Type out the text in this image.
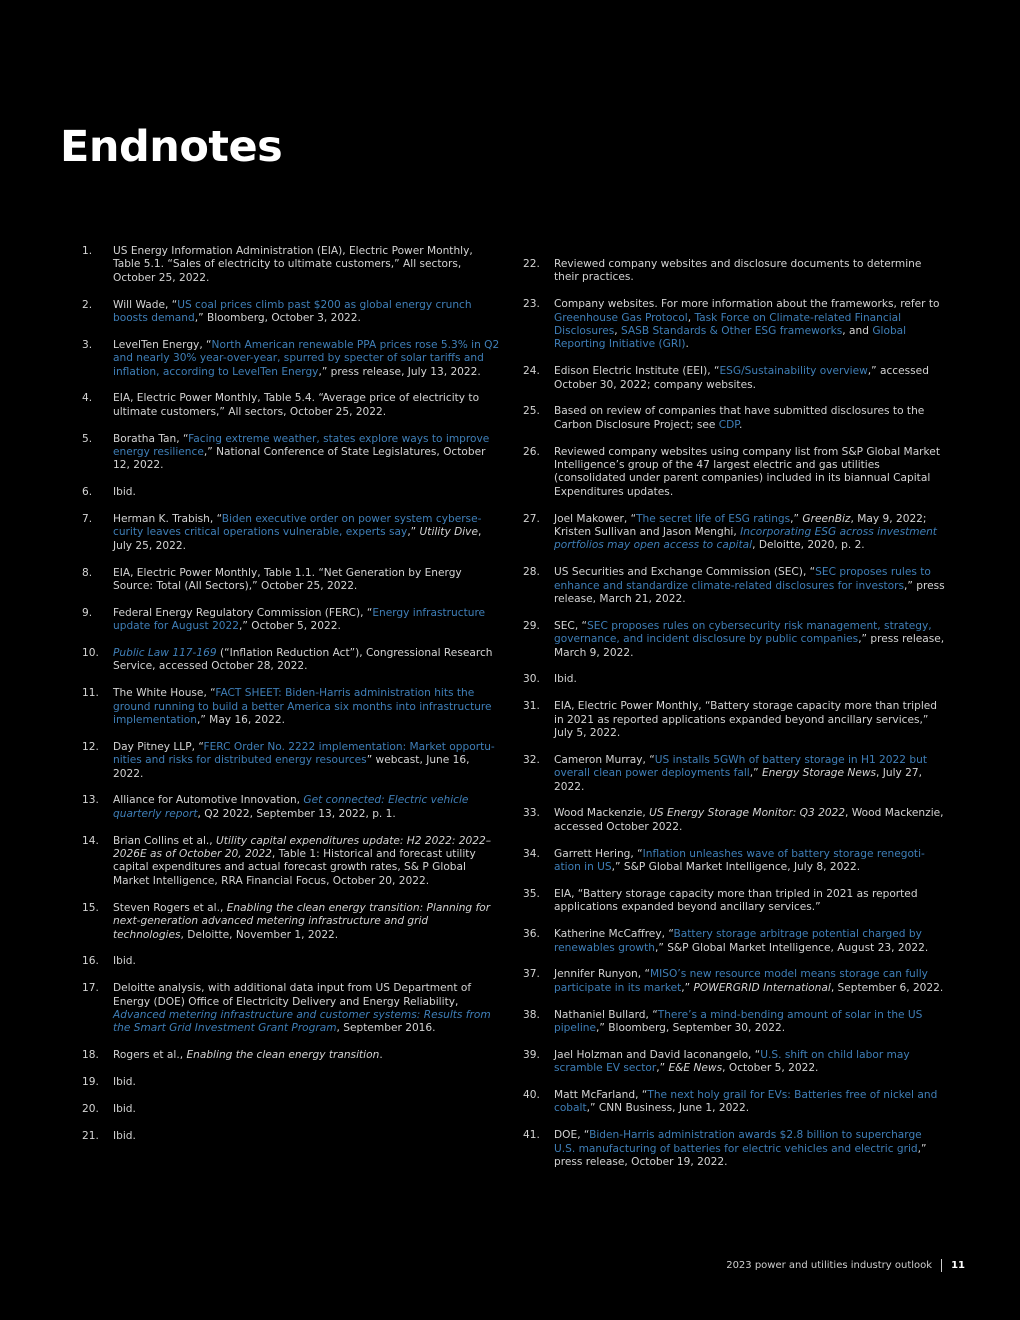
Endnotes
1.	US Energy Information Administration (EIA), Electric Power Monthly, Table 5.1. “Sales of electricity to ultimate customers,” All sectors, October 25, 2022.
2.	Will Wade, “US coal prices climb past $200 as global energy crunch boosts demand,” Bloomberg, October 3, 2022.
3.	LevelTen Energy, “North American renewable PPA prices rose 5.3% in Q2 and nearly 30% year-over-year, spurred by specter of solar tariffs and inflation, according to LevelTen Energy,” press release, July 13, 2022.
4.	EIA, Electric Power Monthly, Table 5.4. “Average price of electricity to ultimate customers,” All sectors, October 25, 2022.
5.	Boratha Tan, “Facing extreme weather, states explore ways to improve energy resilience,” National Conference of State Legislatures, October 12, 2022.
6.	Ibid.
7.	Herman K. Trabish, “Biden executive order on power system cyberse-curity leaves critical operations vulnerable, experts say,” Utility Dive, July 25, 2022.
8.	EIA, Electric Power Monthly, Table 1.1. “Net Generation by Energy Source: Total (All Sectors),” October 25, 2022.
9.	Federal Energy Regulatory Commission (FERC), “Energy infrastructure update for August 2022,” October 5, 2022.
10.	Public Law 117-169 (“Inflation Reduction Act”), Congressional Research Service, accessed October 28, 2022.
11.	The White House, “FACT SHEET: Biden-Harris administration hits the ground running to build a better America six months into infrastructure implementation,” May 16, 2022.
12.	Day Pitney LLP, “FERC Order No. 2222 implementation: Market opportu-nities and risks for distributed energy resources” webcast, June 16, 2022.
13.	Alliance for Automotive Innovation, Get connected: Electric vehicle quarterly report, Q2 2022, September 13, 2022, p. 1.
14.	Brian Collins et al., Utility capital expenditures update: H2 2022: 2022–2026E as of October 20, 2022, Table 1: Historical and forecast utility capital expenditures and actual forecast growth rates, S& P Global Market Intelligence, RRA Financial Focus, October 20, 2022.
15.	Steven Rogers et al., Enabling the clean energy transition: Planning for next-generation advanced metering infrastructure and grid technologies, Deloitte, November 1, 2022.
16.	Ibid.
17.	Deloitte analysis, with additional data input from US Department of Energy (DOE) Office of Electricity Delivery and Energy Reliability, Advanced metering infrastructure and customer systems: Results from the Smart Grid Investment Grant Program, September 2016.
18.	Rogers et al., Enabling the clean energy transition.
19.	Ibid.
20.	Ibid.
21.	Ibid.
22.	Reviewed company websites and disclosure documents to determine their practices.
23.	Company websites. For more information about the frameworks, refer to Greenhouse Gas Protocol, Task Force on Climate-related Financial Disclosures, SASB Standards & Other ESG frameworks, and Global Reporting Initiative (GRI).
24.	Edison Electric Institute (EEI), “ESG/Sustainability overview,” accessed October 30, 2022; company websites.
25.	Based on review of companies that have submitted disclosures to the Carbon Disclosure Project; see CDP.
26.	Reviewed company websites using company list from S&P Global Market Intelligence’s group of the 47 largest electric and gas utilities (consolidated under parent companies) included in its biannual Capital Expenditures updates.
27.	Joel Makower, “The secret life of ESG ratings,” GreenBiz, May 9, 2022; Kristen Sullivan and Jason Menghi, Incorporating ESG across investment portfolios may open access to capital, Deloitte, 2020, p. 2.
28.	US Securities and Exchange Commission (SEC), “SEC proposes rules to enhance and standardize climate-related disclosures for investors,” press release, March 21, 2022.
29.	SEC, “SEC proposes rules on cybersecurity risk management, strategy, governance, and incident disclosure by public companies,” press release, March 9, 2022.
30.	Ibid.
31.	EIA, Electric Power Monthly, “Battery storage capacity more than tripled in 2021 as reported applications expanded beyond ancillary services,” July 5, 2022.
32.	Cameron Murray, “US installs 5GWh of battery storage in H1 2022 but overall clean power deployments fall,” Energy Storage News, July 27, 2022.
33.	Wood Mackenzie, US Energy Storage Monitor: Q3 2022, Wood Mackenzie, accessed October 2022.
34.	Garrett Hering, “Inflation unleashes wave of battery storage renegoti-ation in US,” S&P Global Market Intelligence, July 8, 2022.
35.	EIA, “Battery storage capacity more than tripled in 2021 as reported applications expanded beyond ancillary services.”
36.	Katherine McCaffrey, “Battery storage arbitrage potential charged by renewables growth,” S&P Global Market Intelligence, August 23, 2022.
37.	Jennifer Runyon, “MISO’s new resource model means storage can fully participate in its market,” POWERGRID International, September 6, 2022.
38.	Nathaniel Bullard, “There’s a mind-bending amount of solar in the US pipeline,” Bloomberg, September 30, 2022.
39.	Jael Holzman and David Iaconangelo, “U.S. shift on child labor may scramble EV sector,” E&E News, October 5, 2022.
40.	Matt McFarland, “The next holy grail for EVs: Batteries free of nickel and cobalt,” CNN Business, June 1, 2022.
41.	DOE, “Biden-Harris administration awards $2.8 billion to supercharge U.S. manufacturing of batteries for electric vehicles and electric grid,” press release, October 19, 2022.
2023 power and utilities industry outlook 11
